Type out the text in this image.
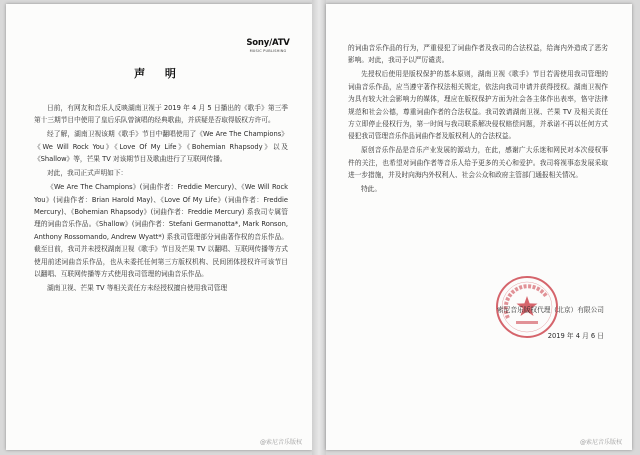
Sony/ATV
MUSIC PUBLISHING
声 明

日前，有网友和音乐人反映湖南卫视于 2019 年 4 月 5 日播出的《歌手》第三季第十三期节目中使用了皇后乐队曾演唱的经典歌曲，并质疑是否取得版权方许可。

经了解，湖南卫视该期《歌手》节目中翻唱使用了《We Are The Champions》《We Will Rock You》《Love Of My Life》《Bohemian Rhapsody》以及《Shallow》等，芒果 TV 对该期节目及歌曲进行了互联网传播。

对此，我司正式声明如下：

《We Are The Champions》(词曲作者：Freddie Mercury)、《We Will Rock You》(词曲作者：Brian Harold May)、《Love Of My Life》(词曲作者：Freddie Mercury)、《Bohemian Rhapsody》(词曲作者：Freddie Mercury) 系我司专属管理的词曲音乐作品。《Shallow》(词曲作者：Stefani Germanotta*, Mark Ronson, Anthony Rossomando, Andrew Wyatt*) 系我司管理部分词曲著作权的音乐作品。截至目前，我司并未授权湖南卫视《歌手》节目及芒果 TV 以翻唱、互联网传播等方式使用前述词曲音乐作品，也从未委托任何第三方版权机构、民间团体授权许可该节目以翻唱、互联网传播等方式使用我司管理的词曲音乐作品。

湖南卫视、芒果 TV 等相关责任方未经授权擅自使用我司管理

@索尼音乐版权

的词曲音乐作品的行为，严重侵犯了词曲作者及我司的合法权益，给海内外造成了恶劣影响。对此，我司予以严厉谴责。

先授权后使用是版权保护的基本原则，湖南卫视《歌手》节目若需使用我司管理的词曲音乐作品，应当遵守著作权法相关规定，依法向我司申请并获得授权。湖南卫视作为具有较大社会影响力的媒体，理应在版权保护方面为社会各主体作出表率，恪守法律规范和社会公德，尊重词曲作者的合法权益。我司敦请湖南卫视、芒果 TV 及相关责任方立即停止侵权行为，第一时间与我司联系解决侵权赔偿问题，并承诺不再以任何方式侵犯我司管理音乐作品词曲作者及版权利人的合法权益。

原创音乐作品是音乐产业发展的源动力，在此，感谢广大乐迷和网民对本次侵权事件的关注，也希望对词曲作者等音乐人给予更多的关心和爱护。我司将视事态发展采取进一步措施，并及时向海内外权利人、社会公众和政府主管部门通报相关情况。

特此。

索尼音乐版权代理（北京）有限公司
2019 年 4 月 6 日
@索尼音乐版权
